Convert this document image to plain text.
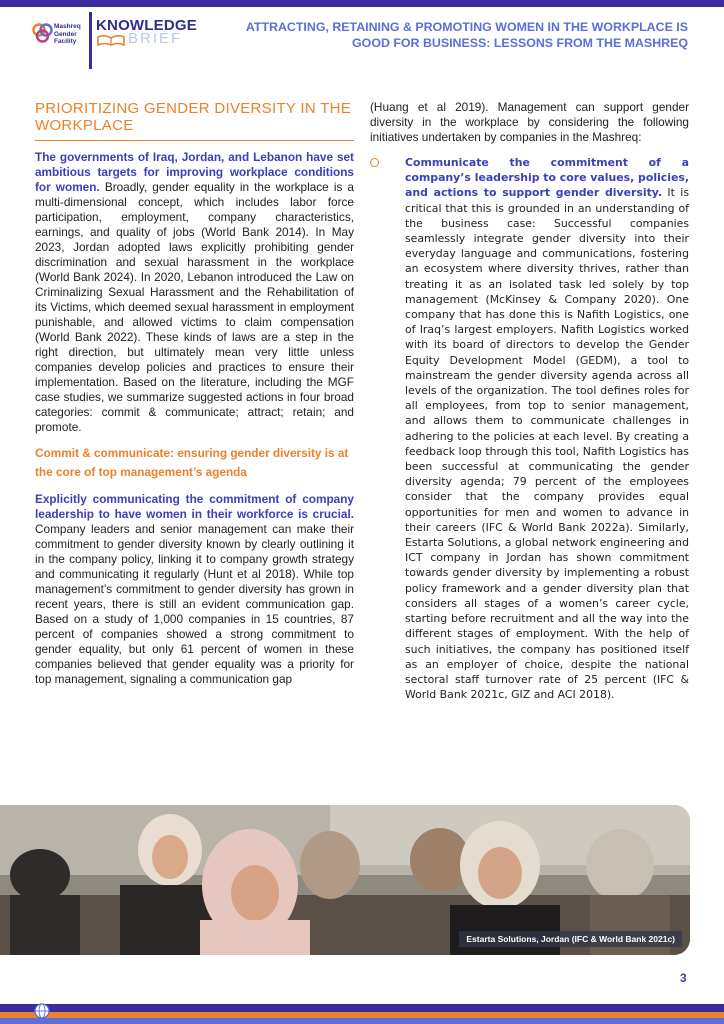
Mashreq
Gender
Facility
KNOWLEDGE
BRIEF
ATTRACTING, RETAINING & PROMOTING WOMEN IN THE WORKPLACE IS GOOD FOR BUSINESS: LESSONS FROM THE MASHREQ
PRIORITIZING GENDER DIVERSITY IN THE WORKPLACE

The governments of Iraq, Jordan, and Lebanon have set ambitious targets for improving workplace conditions for women. Broadly, gender equality in the workplace is a multi-dimensional concept, which includes labor force participation, employment, company characteristics, earnings, and quality of jobs (World Bank 2014). In May 2023, Jordan adopted laws explicitly prohibiting gender discrimination and sexual harassment in the workplace (World Bank 2024). In 2020, Lebanon introduced the Law on Criminalizing Sexual Harassment and the Rehabilitation of its Victims, which deemed sexual harassment in employment punishable, and allowed victims to claim compensation (World Bank 2022). These kinds of laws are a step in the right direction, but ultimately mean very little unless companies develop policies and practices to ensure their implementation. Based on the literature, including the MGF case studies, we summarize suggested actions in four broad categories: commit & communicate; attract; retain; and promote.

Commit & communicate: ensuring gender diversity is at the core of top management’s agenda

Explicitly communicating the commitment of company leadership to have women in their workforce is crucial. Company leaders and senior management can make their commitment to gender diversity known by clearly outlining it in the company policy, linking it to company growth strategy and communicating it regularly (Hunt et al 2018). While top management’s commitment to gender diversity has grown in recent years, there is still an evident communication gap. Based on a study of 1,000 companies in 15 countries, 87 percent of companies showed a strong commitment to gender equality, but only 61 percent of women in these companies believed that gender equality was a priority for top management, signaling a communication gap

(Huang et al 2019). Management can support gender diversity in the workplace by considering the following initiatives undertaken by companies in the Mashreq:

Communicate the commitment of a company’s leadership to core values, policies, and actions to support gender diversity. It is critical that this is grounded in an understanding of the business case: Successful companies seamlessly integrate gender diversity into their everyday language and communications, fostering an ecosystem where diversity thrives, rather than treating it as an isolated task led solely by top management (McKinsey & Company 2020). One company that has done this is Nafith Logistics, one of Iraq’s largest employers. Nafith Logistics worked with its board of directors to develop the Gender Equity Development Model (GEDM), a tool to mainstream the gender diversity agenda across all levels of the organization. The tool defines roles for all employees, from top to senior management, and allows them to communicate challenges in adhering to the policies at each level. By creating a feedback loop through this tool, Nafith Logistics has been successful at communicating the gender diversity agenda; 79 percent of the employees consider that the company provides equal opportunities for men and women to advance in their careers (IFC & World Bank 2022a). Similarly, Estarta Solutions, a global network engineering and ICT company in Jordan has shown commitment towards gender diversity by implementing a robust policy framework and a gender diversity plan that considers all stages of a women’s career cycle, starting before recruitment and all the way into the different stages of employment. With the help of such initiatives, the company has positioned itself as an employer of choice, despite the national sectoral staff turnover rate of 25 percent (IFC & World Bank 2021c, GIZ and ACI 2018).

Estarta Solutions, Jordan (IFC & World Bank 2021c)
3
